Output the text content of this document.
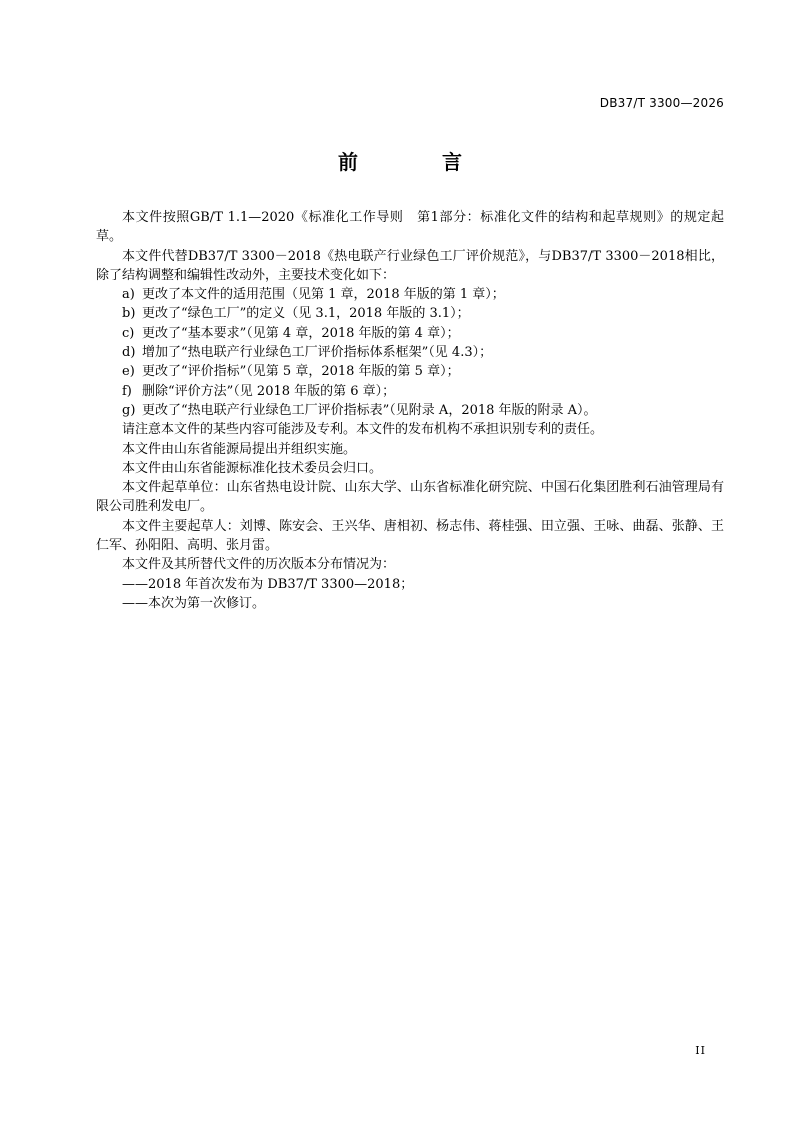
DB37/T 3300—2026
前　言

本文件按照GB/T 1.1—2020《标准化工作导则　第1部分：标准化文件的结构和起草规则》的规定起草。

本文件代替DB37/T 3300－2018《热电联产行业绿色工厂评价规范》，与DB37/T 3300－2018相比，除了结构调整和编辑性改动外，主要技术变化如下：

a) 更改了本文件的适用范围（见第 1 章，2018 年版的第 1 章）；
b) 更改了“绿色工厂”的定义（见 3.1，2018 年版的 3.1）；
c) 更改了“基本要求”（见第 4 章，2018 年版的第 4 章）；
d) 增加了“热电联产行业绿色工厂评价指标体系框架”（见 4.3）；
e) 更改了“评价指标”（见第 5 章，2018 年版的第 5 章）；
f) 删除“评价方法”（见 2018 年版的第 6 章）；
g) 更改了“热电联产行业绿色工厂评价指标表”（见附录 A，2018 年版的附录 A）。

请注意本文件的某些内容可能涉及专利。本文件的发布机构不承担识别专利的责任。

本文件由山东省能源局提出并组织实施。

本文件由山东省能源标准化技术委员会归口。

本文件起草单位：山东省热电设计院、山东大学、山东省标准化研究院、中国石化集团胜利石油管理局有限公司胜利发电厂。

本文件主要起草人：刘博、陈安会、王兴华、唐相初、杨志伟、蒋桂强、田立强、王咏、曲磊、张静、王仁军、孙阳阳、高明、张月雷。

本文件及其所替代文件的历次版本分布情况为：

——2018 年首次发布为 DB37/T 3300—2018；

——本次为第一次修订。

II
